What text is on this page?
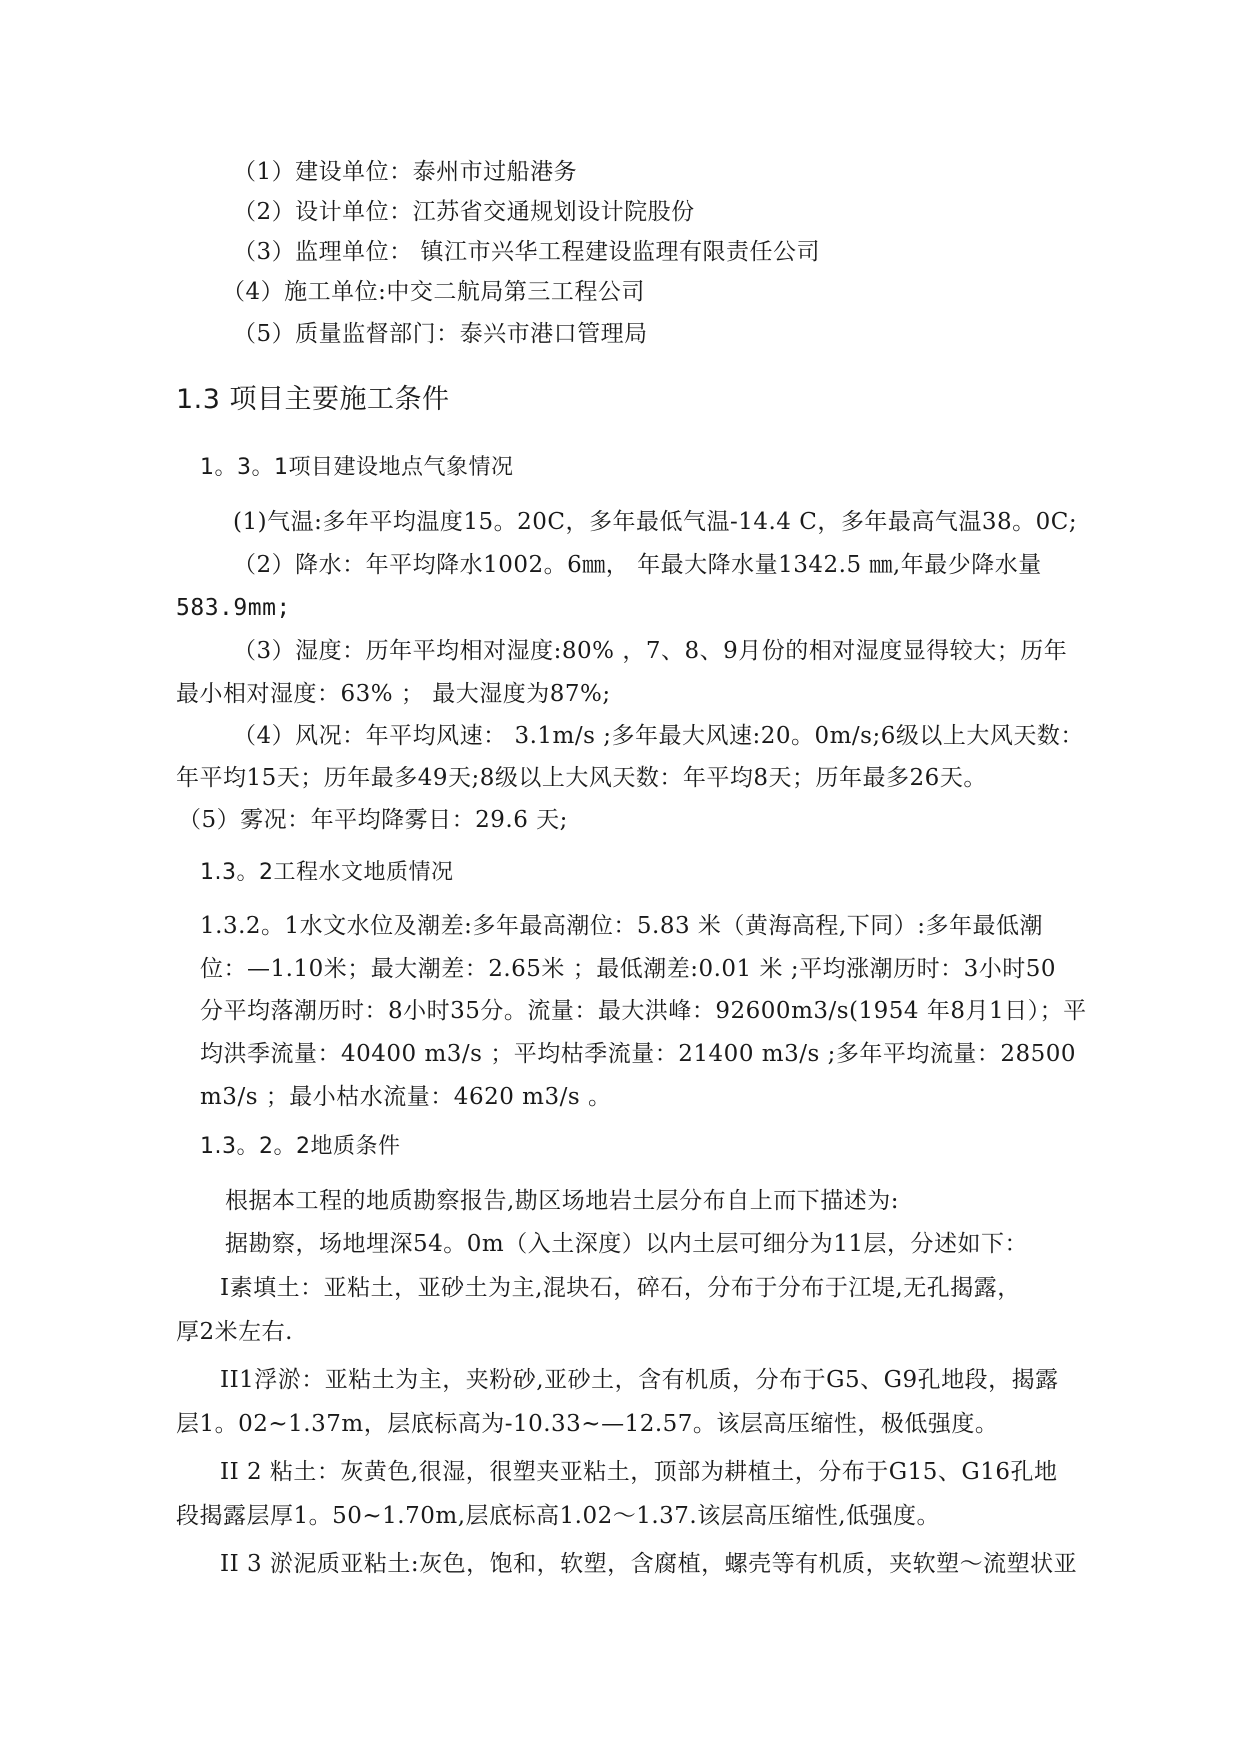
（1）建设单位：泰州市过船港务
（2）设计单位：江苏省交通规划设计院股份
（3）监理单位： 镇江市兴华工程建设监理有限责任公司
（4）施工单位:中交二航局第三工程公司
（5）质量监督部门：泰兴市港口管理局
1.3 项目主要施工条件
1。3。1项目建设地点气象情况
(1)气温:多年平均温度15。20C，多年最低气温-14.4 C，多年最高气温38。0C;
（2）降水：年平均降水1002。6㎜， 年最大降水量1342.5 ㎜,年最少降水量
583.9mm;
（3）湿度：历年平均相对湿度:80% ，7、8、9月份的相对湿度显得较大；历年
最小相对湿度：63% ； 最大湿度为87%;
（4）风况：年平均风速： 3.1m/s ;多年最大风速:20。0m/s;6级以上大风天数：
年平均15天；历年最多49天;8级以上大风天数：年平均8天；历年最多26天。
（5）雾况：年平均降雾日：29.6 天;
1.3。2工程水文地质情况
1.3.2。1水文水位及潮差:多年最高潮位：5.83 米（黄海高程,下同）:多年最低潮
位：—1.10米；最大潮差：2.65米 ；最低潮差:0.01 米 ;平均涨潮历时：3小时50
分平均落潮历时：8小时35分。流量：最大洪峰：92600m3/s(1954 年8月1日）；平
均洪季流量：40400 m3/s ；平均枯季流量：21400 m3/s ;多年平均流量：28500
m3/s ；最小枯水流量：4620 m3/s 。
1.3。2。2地质条件
根据本工程的地质勘察报告,勘区场地岩土层分布自上而下描述为:
据勘察，场地埋深54。0m（入土深度）以内土层可细分为11层，分述如下：
I素填土：亚粘土，亚砂土为主,混块石，碎石，分布于分布于江堤,无孔揭露，
厚2米左右.
II1浮淤：亚粘土为主，夹粉砂,亚砂土，含有机质，分布于G5、G9孔地段，揭露
层1。02~1.37m，层底标高为-10.33~—12.57。该层高压缩性，极低强度。
II 2 粘土：灰黄色,很湿，很塑夹亚粘土，顶部为耕植土，分布于G15、G16孔地
段揭露层厚1。50~1.70m,层底标高1.02～1.37.该层高压缩性,低强度。
II 3 淤泥质亚粘土:灰色，饱和，软塑，含腐植，螺壳等有机质，夹软塑～流塑状亚
